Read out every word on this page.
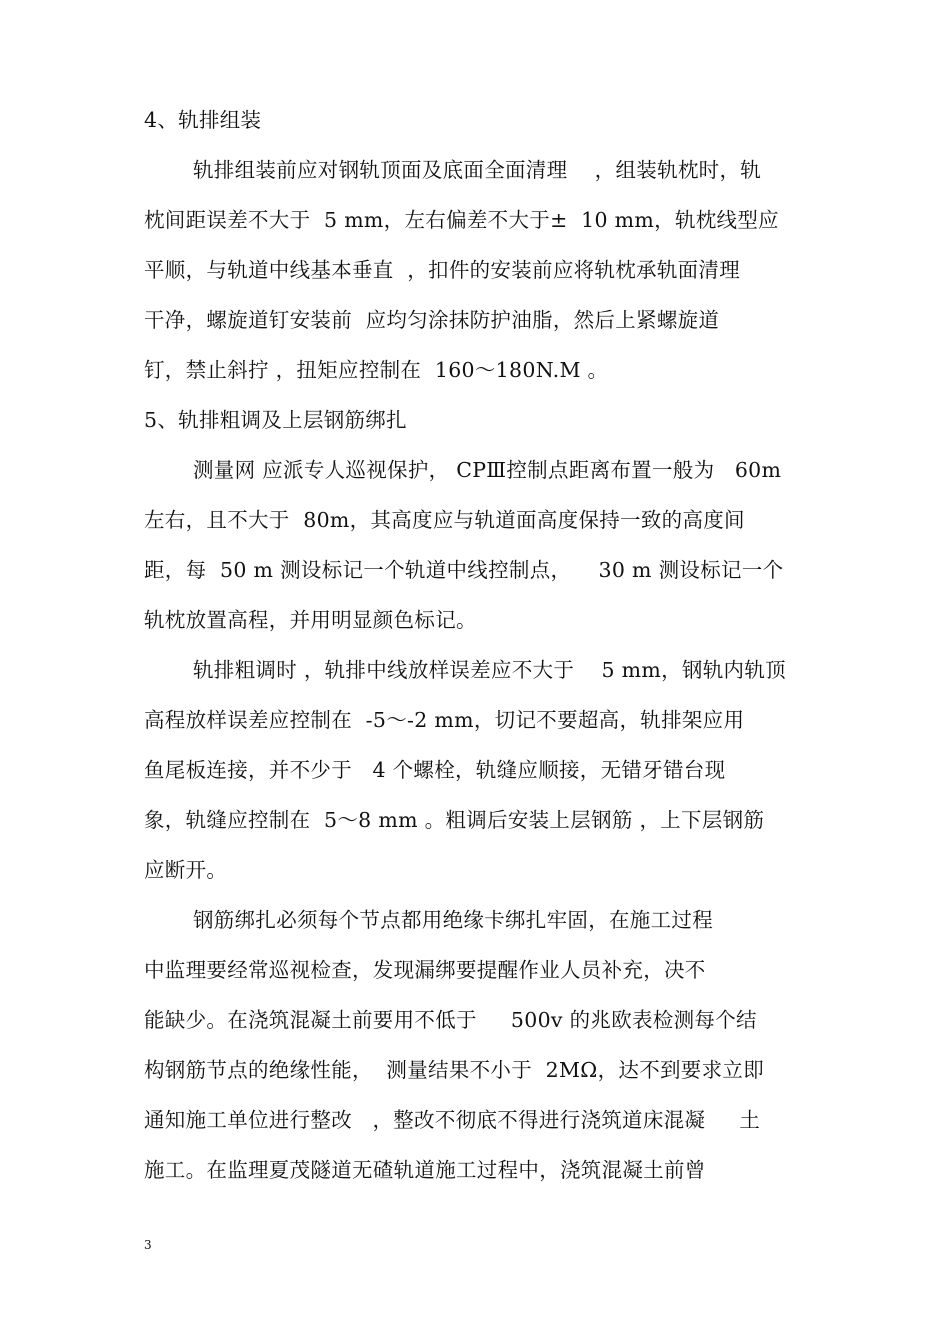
4、轨排组装
轨排组装前应对钢轨顶面及底面全面清理    ，组装轨枕时，轨
枕间距误差不大于  5 mm，左右偏差不大于±  10 mm，轨枕线型应
平顺，与轨道中线基本垂直  ，扣件的安装前应将轨枕承轨面清理
干净，螺旋道钉安装前  应均匀涂抹防护油脂，然后上紧螺旋道
钉，禁止斜拧 ，扭矩应控制在  160～180N.M 。
5、轨排粗调及上层钢筋绑扎
测量网 应派专人巡视保护， CPⅢ控制点距离布置一般为   60m
左右，且不大于  80m，其高度应与轨道面高度保持一致的高度间
距，每  50 m 测设标记一个轨道中线控制点，    30 m 测设标记一个
轨枕放置高程，并用明显颜色标记。
轨排粗调时 ，轨排中线放样误差应不大于    5 mm，钢轨内轨顶
高程放样误差应控制在  -5～-2 mm，切记不要超高，轨排架应用
鱼尾板连接，并不少于   4 个螺栓，轨缝应顺接，无错牙错台现
象，轨缝应控制在  5～8 mm 。粗调后安装上层钢筋 ，上下层钢筋
应断开。
钢筋绑扎必须每个节点都用绝缘卡绑扎牢固，在施工过程
中监理要经常巡视检查，发现漏绑要提醒作业人员补充，决不
能缺少。在浇筑混凝土前要用不低于     500v 的兆欧表检测每个结
构钢筋节点的绝缘性能，  测量结果不小于  2MΩ，达不到要求立即
通知施工单位进行整改   ，整改不彻底不得进行浇筑道床混凝     土
施工。在监理夏茂隧道无碴轨道施工过程中，浇筑混凝土前曾
3
